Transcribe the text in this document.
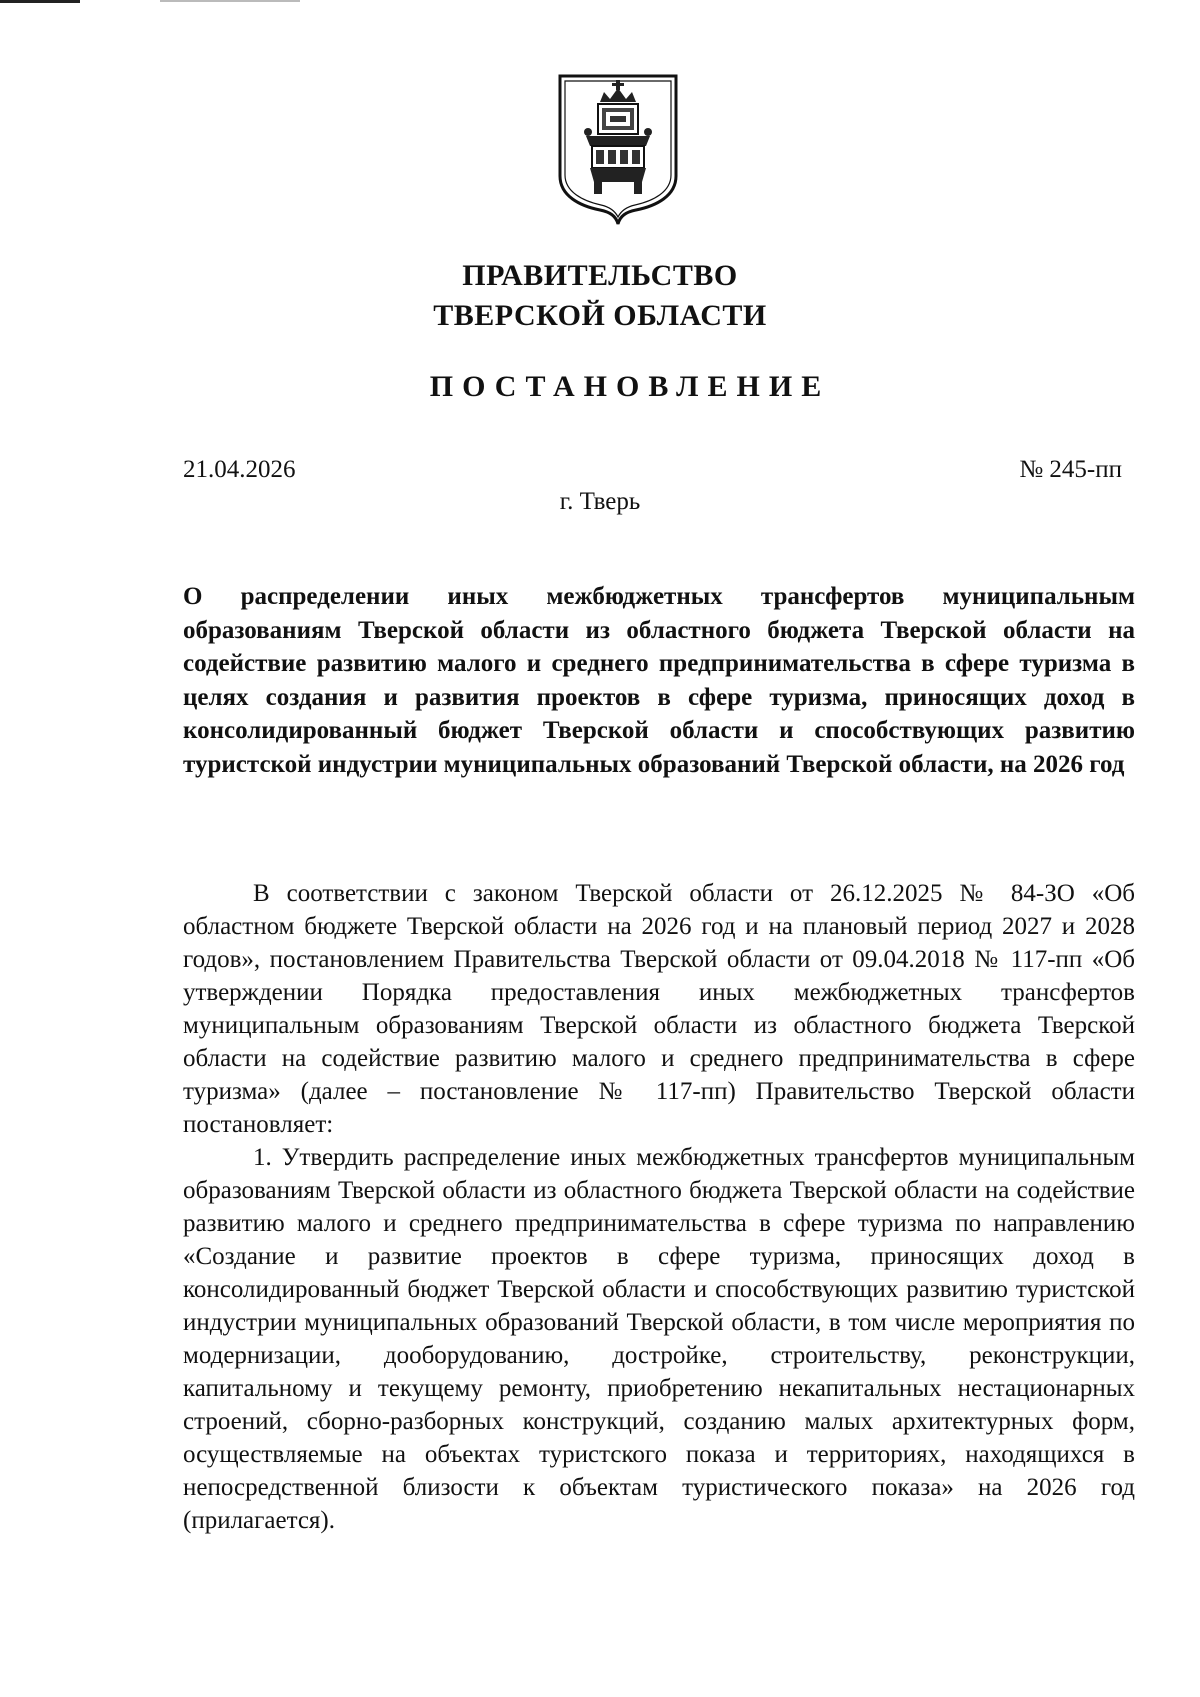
ПРАВИТЕЛЬСТВО
ТВЕРСКОЙ ОБЛАСТИ
ПОСТАНОВЛЕНИЕ
21.04.2026	№ 245-пп
г. Тверь
О распределении иных межбюджетных трансфертов муниципальным образованиям Тверской области из областного бюджета Тверской области на содействие развитию малого и среднего предпринимательства в сфере туризма в целях создания и развития проектов в сфере туризма, приносящих доход в консолидированный бюджет Тверской области и способствующих развитию туристской индустрии муниципальных образований Тверской области, на 2026 год

В соответствии с законом Тверской области от 26.12.2025 № 84-ЗО «Об областном бюджете Тверской области на 2026 год и на плановый период 2027 и 2028 годов», постановлением Правительства Тверской области от 09.04.2018 № 117-пп «Об утверждении Порядка предоставления иных межбюджетных трансфертов муниципальным образованиям Тверской области из областного бюджета Тверской области на содействие развитию малого и среднего предпринимательства в сфере туризма» (далее – постановление № 117-пп) Правительство Тверской области постановляет:

1. Утвердить распределение иных межбюджетных трансфертов муниципальным образованиям Тверской области из областного бюджета Тверской области на содействие развитию малого и среднего предпринимательства в сфере туризма по направлению «Создание и развитие проектов в сфере туризма, приносящих доход в консолидированный бюджет Тверской области и способствующих развитию туристской индустрии муниципальных образований Тверской области, в том числе мероприятия по модернизации, дооборудованию, достройке, строительству, реконструкции, капитальному и текущему ремонту, приобретению некапитальных нестационарных строений, сборно-разборных конструкций, созданию малых архитектурных форм, осуществляемые на объектах туристского показа и территориях, находящихся в непосредственной близости к объектам туристического показа» на 2026 год (прилагается).
